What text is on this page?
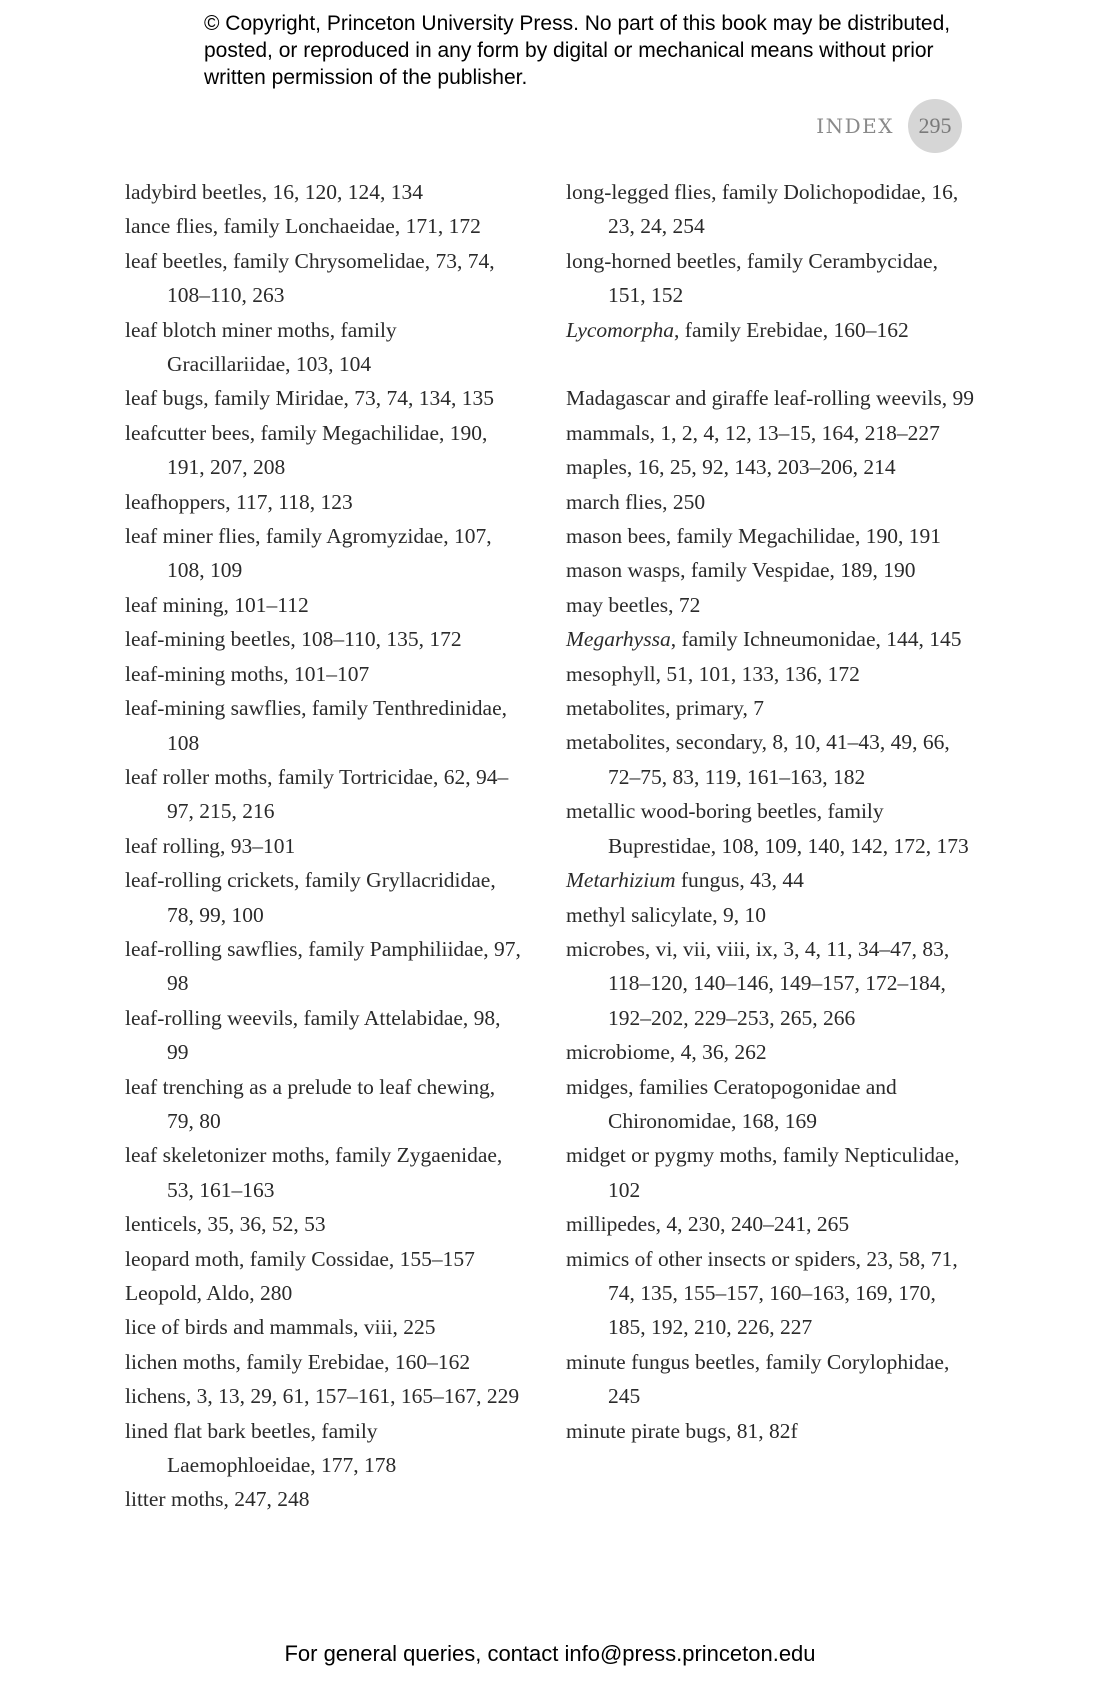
© Copyright, Princeton University Press. No part of this book may be distributed, posted, or reproduced in any form by digital or mechanical means without prior written permission of the publisher.
INDEX	295
ladybird beetles, 16, 120, 124, 134
lance flies, family Lonchaeidae, 171, 172
leaf beetles, family Chrysomelidae, 73, 74, 108–110, 263
leaf blotch miner moths, family Gracillariidae, 103, 104
leaf bugs, family Miridae, 73, 74, 134, 135
leafcutter bees, family Megachilidae, 190, 191, 207, 208
leafhoppers, 117, 118, 123
leaf miner flies, family Agromyzidae, 107, 108, 109
leaf mining, 101–112
leaf-mining beetles, 108–110, 135, 172
leaf-mining moths, 101–107
leaf-mining sawflies, family Tenthredinidae, 108
leaf roller moths, family Tortricidae, 62, 94–97, 215, 216
leaf rolling, 93–101
leaf-rolling crickets, family Gryllacrididae, 78, 99, 100
leaf-rolling sawflies, family Pamphiliidae, 97, 98
leaf-rolling weevils, family Attelabidae, 98, 99
leaf trenching as a prelude to leaf chewing, 79, 80
leaf skeletonizer moths, family Zygaenidae, 53, 161–163
lenticels, 35, 36, 52, 53
leopard moth, family Cossidae, 155–157
Leopold, Aldo, 280
lice of birds and mammals, viii, 225
lichen moths, family Erebidae, 160–162
lichens, 3, 13, 29, 61, 157–161, 165–167, 229
lined flat bark beetles, family Laemophloeidae, 177, 178
litter moths, 247, 248
long-legged flies, family Dolichopodidae, 16, 23, 24, 254
long-horned beetles, family Cerambycidae, 151, 152
Lycomorpha, family Erebidae, 160–162
Madagascar and giraffe leaf-rolling weevils, 99
mammals, 1, 2, 4, 12, 13–15, 164, 218–227
maples, 16, 25, 92, 143, 203–206, 214
march flies, 250
mason bees, family Megachilidae, 190, 191
mason wasps, family Vespidae, 189, 190
may beetles, 72
Megarhyssa, family Ichneumonidae, 144, 145
mesophyll, 51, 101, 133, 136, 172
metabolites, primary, 7
metabolites, secondary, 8, 10, 41–43, 49, 66, 72–75, 83, 119, 161–163, 182
metallic wood-boring beetles, family Buprestidae, 108, 109, 140, 142, 172, 173
Metarhizium fungus, 43, 44
methyl salicylate, 9, 10
microbes, vi, vii, viii, ix, 3, 4, 11, 34–47, 83, 118–120, 140–146, 149–157, 172–184, 192–202, 229–253, 265, 266
microbiome, 4, 36, 262
midges, families Ceratopogonidae and Chironomidae, 168, 169
midget or pygmy moths, family Nepticulidae, 102
millipedes, 4, 230, 240–241, 265
mimics of other insects or spiders, 23, 58, 71, 74, 135, 155–157, 160–163, 169, 170, 185, 192, 210, 226, 227
minute fungus beetles, family Corylophidae, 245
minute pirate bugs, 81, 82f
For general queries, contact info@press.princeton.edu
